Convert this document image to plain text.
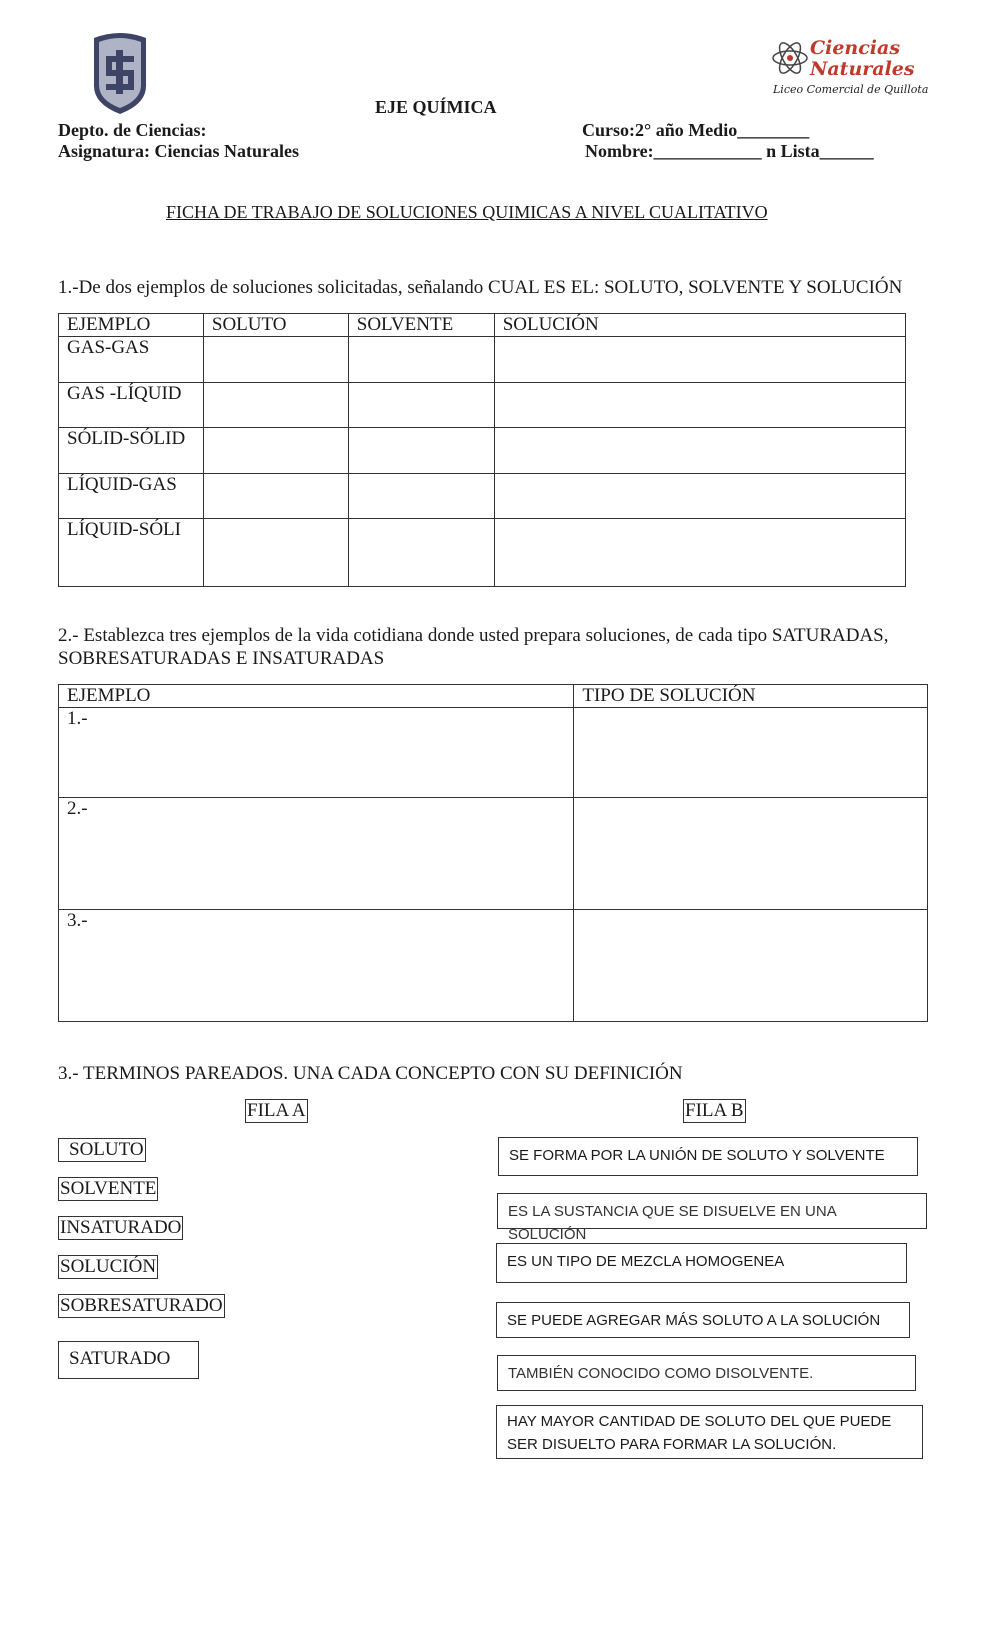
Ciencias
Naturales
Liceo Comercial de Quillota
EJE QUÍMICA
Depto. de Ciencias:
Asignatura: Ciencias Naturales
Curso:2° año Medio________
Nombre:____________ n Lista______
FICHA DE TRABAJO DE SOLUCIONES QUIMICAS A NIVEL CUALITATIVO
1.-De dos ejemplos de soluciones solicitadas, señalando CUAL ES EL: SOLUTO, SOLVENTE Y SOLUCIÓN
EJEMPLO	SOLUTO	SOLVENTE	SOLUCIÓN
GAS-GAS			
GAS -LÍQUID			
SÓLID-SÓLID			
LÍQUID-GAS			
LÍQUID-SÓLI			
2.- Establezca tres ejemplos de la vida cotidiana donde usted prepara soluciones, de cada tipo SATURADAS,
SOBRESATURADAS E INSATURADAS
EJEMPLO	TIPO DE SOLUCIÓN
1.-	
2.-	
3.-	
3.- TERMINOS PAREADOS. UNA CADA CONCEPTO CON SU DEFINICIÓN
FILA A	FILA B
SOLUTO
SOLVENTE
INSATURADO
SOLUCIÓN
SOBRESATURADO
SATURADO
SE FORMA POR LA UNIÓN DE SOLUTO Y SOLVENTE
ES LA SUSTANCIA QUE SE DISUELVE EN UNA SOLUCIÓN
ES UN TIPO DE MEZCLA HOMOGENEA
SE PUEDE AGREGAR MÁS SOLUTO A LA SOLUCIÓN
TAMBIÉN CONOCIDO COMO DISOLVENTE.
HAY MAYOR CANTIDAD DE SOLUTO DEL QUE PUEDE SER DISUELTO PARA FORMAR LA SOLUCIÓN.
